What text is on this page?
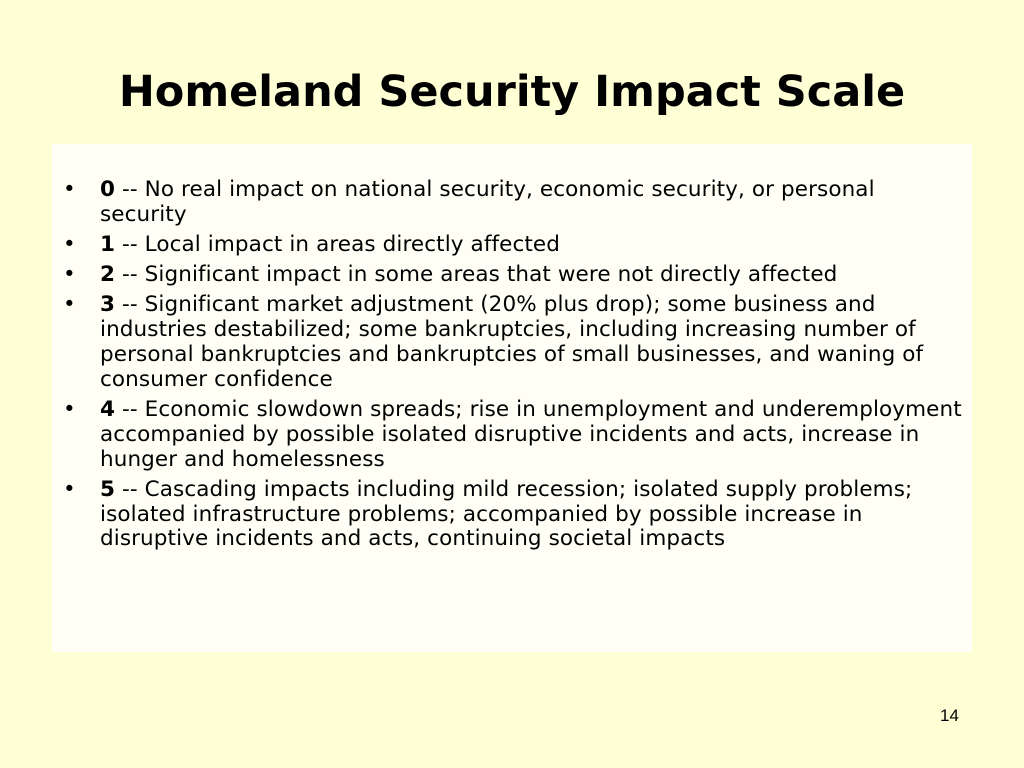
Homeland Security Impact Scale
• 0 -- No real impact on national security, economic security, or personal security
• 1 -- Local impact in areas directly affected
• 2 -- Significant impact in some areas that were not directly affected
• 3 -- Significant market adjustment (20% plus drop); some business and industries destabilized; some bankruptcies, including increasing number of personal bankruptcies and bankruptcies of small businesses, and waning of consumer confidence
• 4 -- Economic slowdown spreads; rise in unemployment and underemployment accompanied by possible isolated disruptive incidents and acts, increase in hunger and homelessness
• 5 -- Cascading impacts including mild recession; isolated supply problems; isolated infrastructure problems; accompanied by possible increase in disruptive incidents and acts, continuing societal impacts
14
